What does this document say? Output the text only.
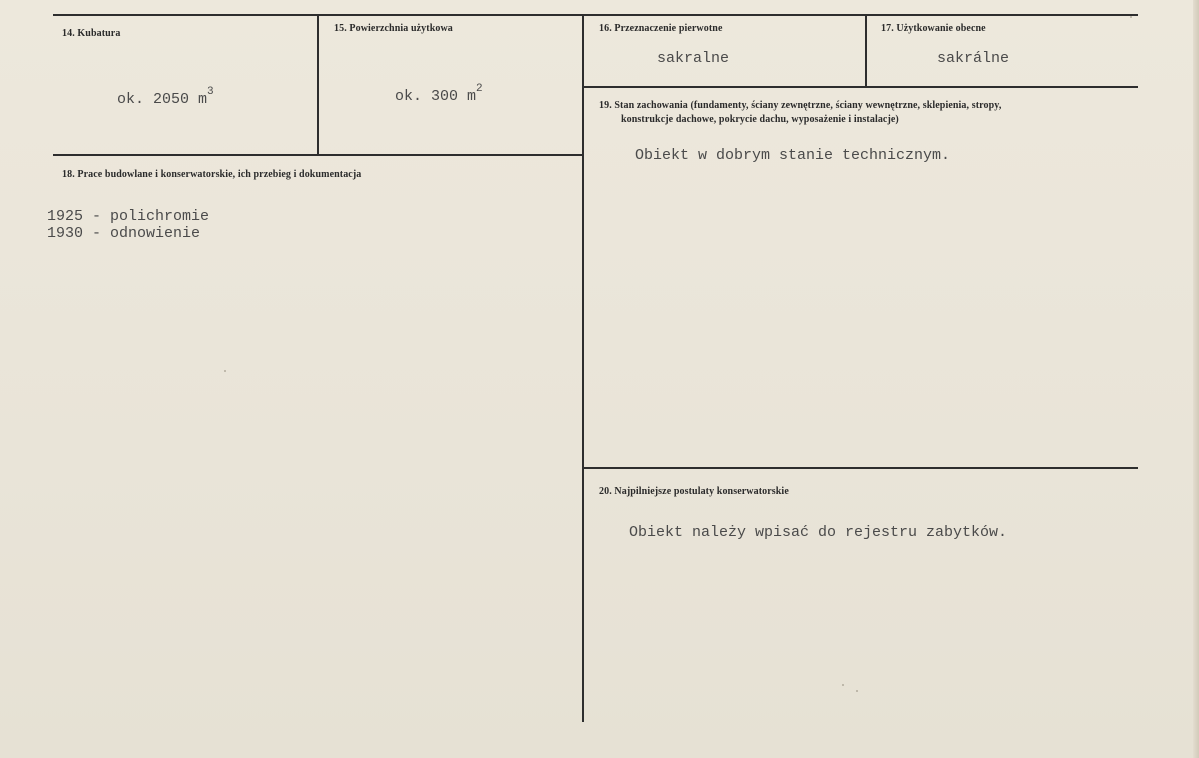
14. Kubatura
ok. 2050 $m^3$
15. Powierzchnia użytkowa
ok. 300 $m^2$
16. Przeznaczenie pierwotne
sakralne
17. Użytkowanie obecne
sakrálne
18. Prace budowlane i konserwatorskie, ich przebieg i dokumentacja
1925 - polichromie
1930 - odnowienie
19. Stan zachowania (fundamenty, ściany zewnętrzne, ściany wewnętrzne, sklepienia, stropy,
konstrukcje dachowe, pokrycie dachu, wyposażenie i instalacje)
Obiekt w dobrym stanie technicznym.
20. Najpilniejsze postulaty konserwatorskie
Obiekt należy wpisać do rejestru zabytków.
